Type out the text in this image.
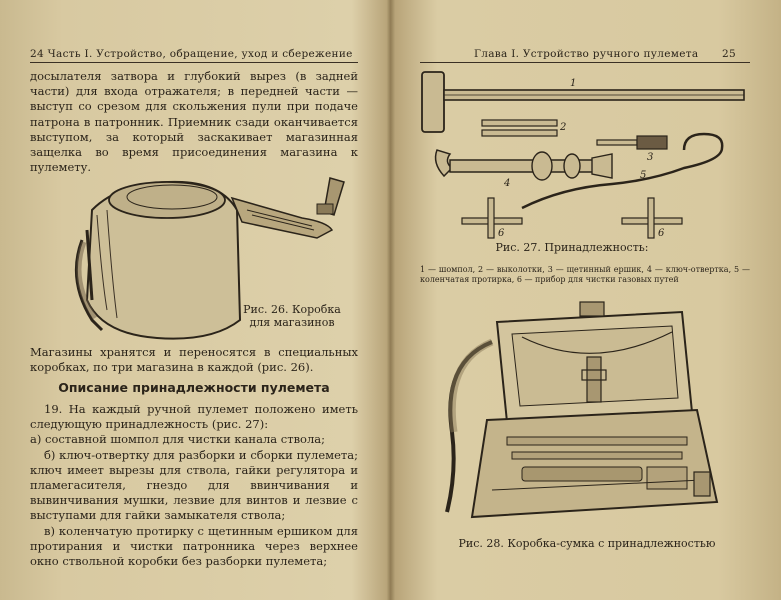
24 Часть I. Устройство, обращение, уход и сбережение
досылателя затвора и глубокий вырез (в задней части) для входа отражателя; в передней части — выступ со срезом для скольжения пули при подаче патрона в патронник. Приемник сзади оканчивается выступом, за который заскакивает магазинная защелка во время присоединения магазина к пулемету.
Рис. 26. Коробка
для магазинов
Магазины хранятся и переносятся в специальных коробках, по три магазина в каждой (рис. 26).
Описание принадлежности пулемета

19. На каждый ручной пулемет положено иметь следующую принадлежность (рис. 27):

а) составной шомпол для чистки канала ствола;

б) ключ-отвертку для разборки и сборки пулемета; ключ имеет вырезы для ствола, гайки регулятора и пламегасителя, гнездо для ввинчивания и вывинчивания мушки, лезвие для винтов и лезвие с выступами для гайки замыкателя ствола;

в) коленчатую протирку с щетинным ершиком для протирания и чистки патронника через верхнее окно ствольной коробки без разборки пулемета;

Глава I. Устройство ручного пулемета 25
1
2
3
4
5
6	6
Рис. 27. Принадлежность:
1 — шомпол, 2 — выколотки, 3 — щетинный ершик, 4 — ключ-отвертка, 5 — коленчатая протирка, 6 — прибор для чистки газовых путей
Рис. 28. Коробка-сумка с принадлежностью
